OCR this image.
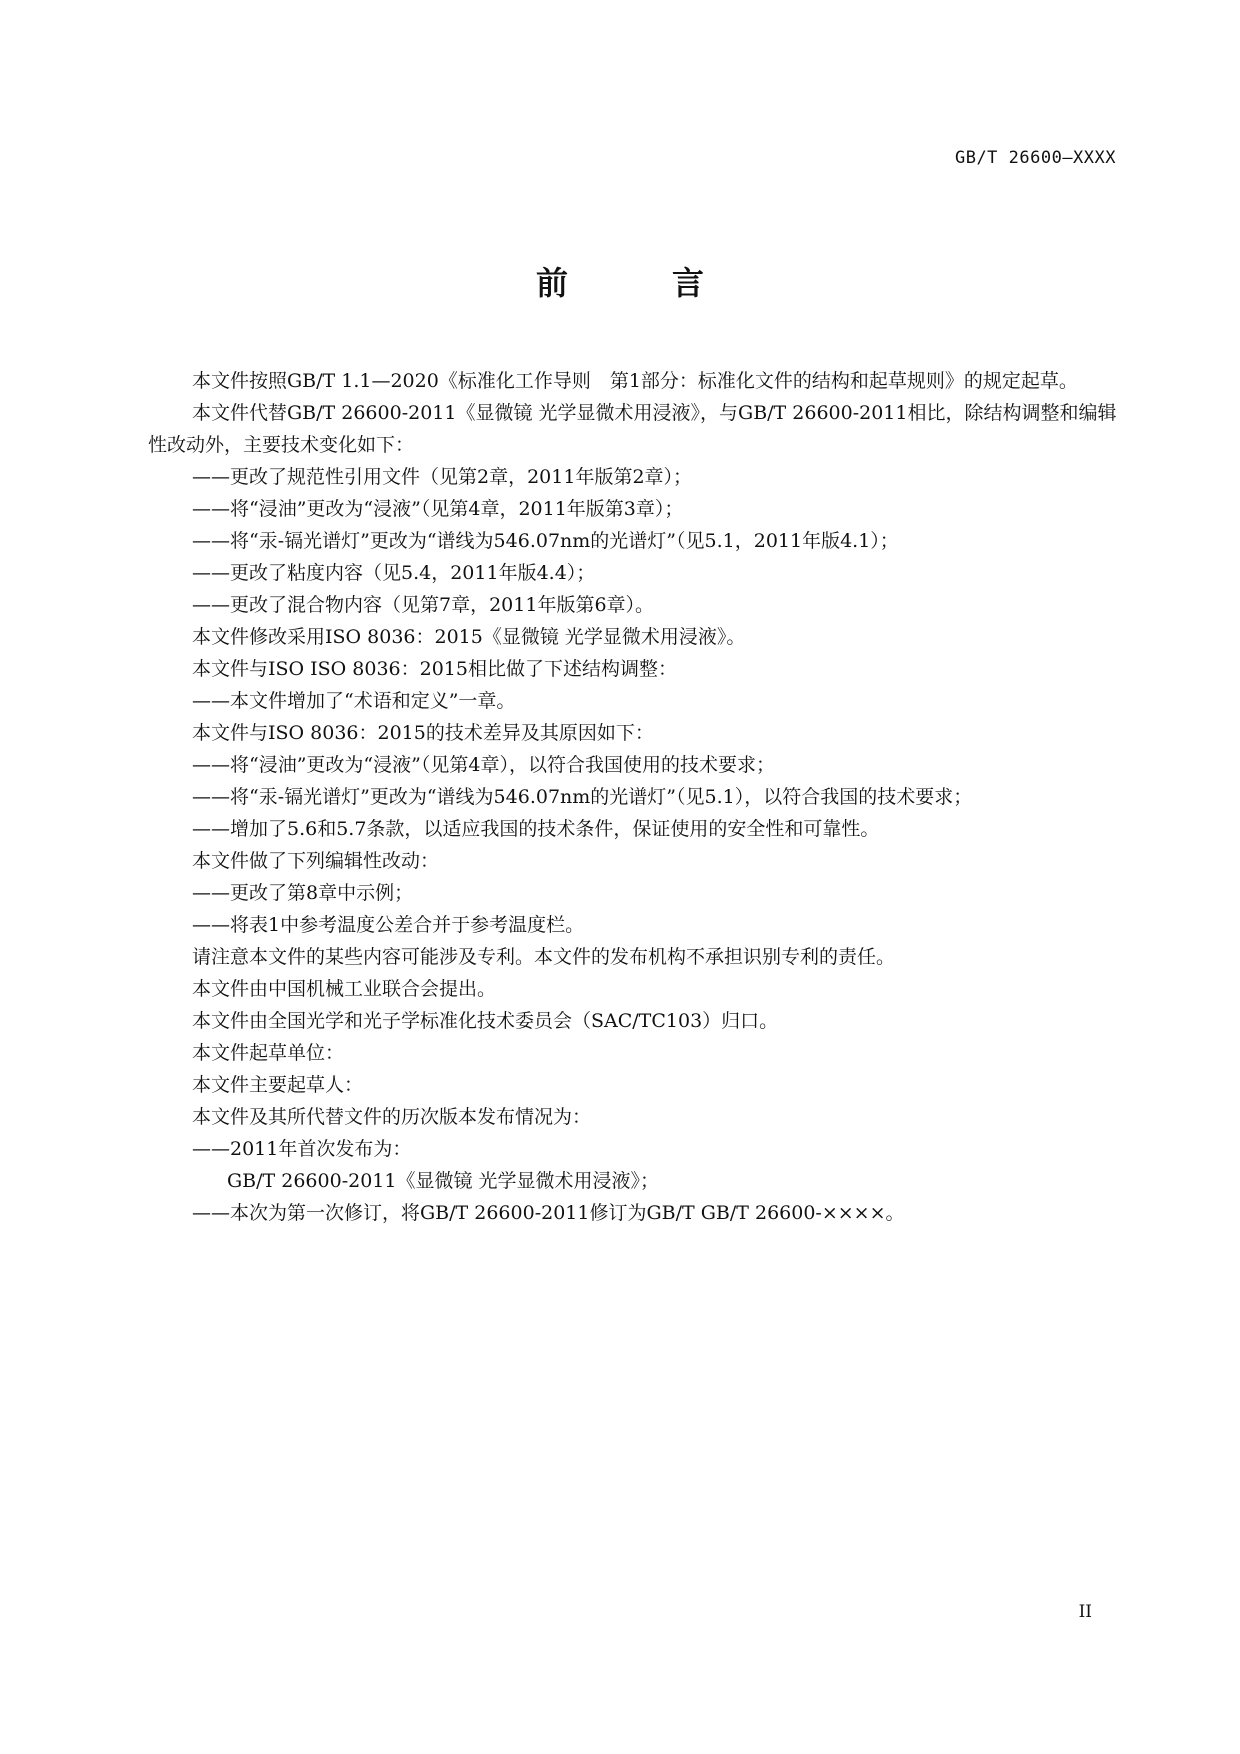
GB/T 26600—XXXX
前　言

本文件按照GB/T 1.1—2020《标准化工作导则　第1部分：标准化文件的结构和起草规则》的规定起草。

本文件代替GB/T 26600-2011《显微镜 光学显微术用浸液》，与GB/T 26600-2011相比，除结构调整和编辑性改动外，主要技术变化如下：

——更改了规范性引用文件（见第2章，2011年版第2章）；

——将“浸油”更改为“浸液”（见第4章，2011年版第3章）；

——将“汞-镉光谱灯”更改为“谱线为546.07nm的光谱灯”（见5.1，2011年版4.1）；

——更改了粘度内容（见5.4，2011年版4.4）；

——更改了混合物内容（见第7章，2011年版第6章）。

本文件修改采用ISO 8036：2015《显微镜 光学显微术用浸液》。

本文件与ISO ISO 8036：2015相比做了下述结构调整：

——本文件增加了“术语和定义”一章。

本文件与ISO 8036：2015的技术差异及其原因如下：

——将“浸油”更改为“浸液”（见第4章），以符合我国使用的技术要求；

——将“汞-镉光谱灯”更改为“谱线为546.07nm的光谱灯”（见5.1），以符合我国的技术要求；

——增加了5.6和5.7条款，以适应我国的技术条件，保证使用的安全性和可靠性。

本文件做了下列编辑性改动：

——更改了第8章中示例；

——将表1中参考温度公差合并于参考温度栏。

请注意本文件的某些内容可能涉及专利。本文件的发布机构不承担识别专利的责任。

本文件由中国机械工业联合会提出。

本文件由全国光学和光子学标准化技术委员会（SAC/TC103）归口。

本文件起草单位：

本文件主要起草人：

本文件及其所代替文件的历次版本发布情况为：

——2011年首次发布为：

GB/T 26600-2011《显微镜 光学显微术用浸液》；

——本次为第一次修订，将GB/T 26600-2011修订为GB/T GB/T 26600-××××。

II
